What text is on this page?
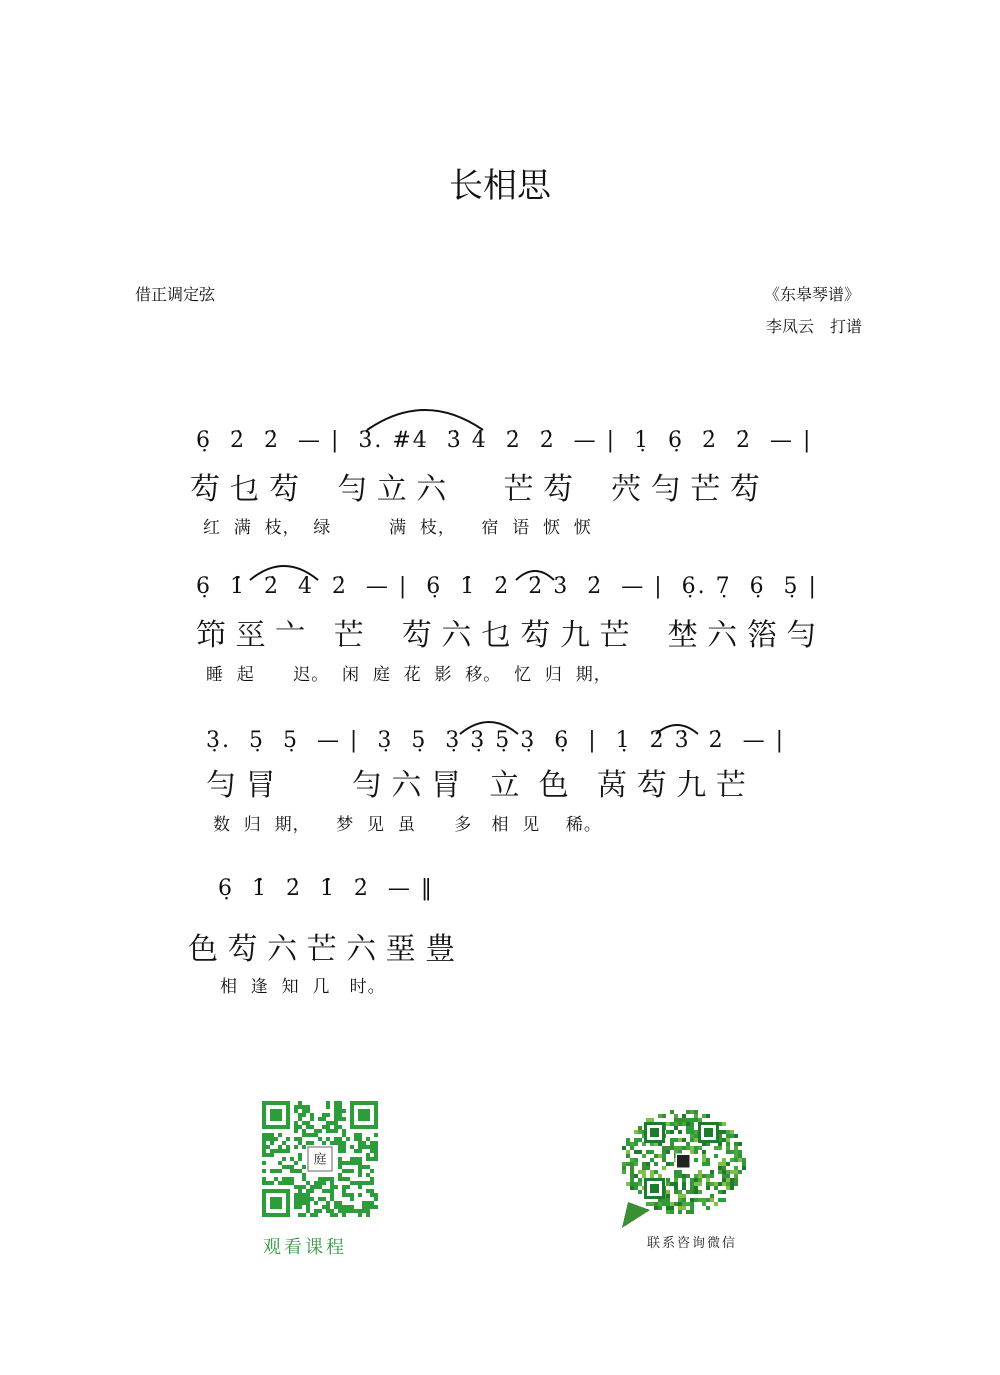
长相思
借正调定弦	《东皋琴谱》
李凤云　打谱
6̣  2̇  2̇  — |  3̇. #4  3̇ 4  2̇  2̇  — |  1̣  6̣  2̇  2̇  — |
芶 乜 芶    勻 立 六      芒 芶    茓 勻 芒 芶
红  满  枝，  绿         满  枝，    宿  语  恹  恹
6̣  1̇  2̇  4̇  2̇  — |  6̣  1̇  2̇  2̇ 3̇  2̇  — |  6̣. 7̣  6̣  5̣ |
笻 巠 亠   芒    芶 六 乜 芶 九 芒    埜 六 箈 勻
睡  起      迟。  闲  庭  花  影  移。  忆  归  期，
3̣.  5̣  5̣  — |  3̣  5̣  3̣ 3̣ 5̣ 3̣  6̣  |  1̣  2̇ 3̇  2̇  — |
勻 冐        勻 六 冐   立  色   莴 芶 九 芒
数  归  期，    梦  见  虽      多   相  见    稀。
6̣  1̇  2̇  1̇  2̇  — ‖
色 芶 六 芒 六 堊 豊
相  逢  知  几   时。
庭
观看课程	联系咨询微信
